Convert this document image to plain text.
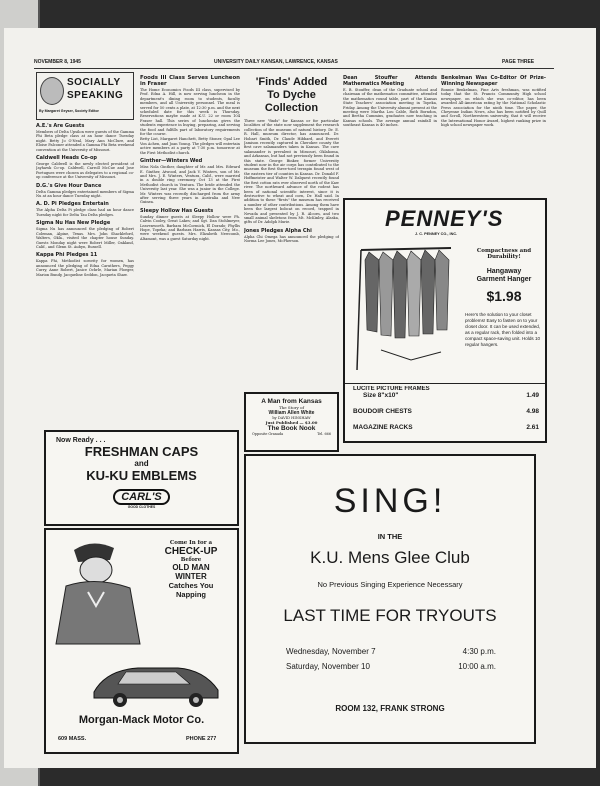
NOVEMBER 8, 1945	UNIVERSITY DAILY KANSAN, LAWRENCE, KANSAS	PAGE THREE
SOCIALLY
SPEAKING
By Margaret Geyser, Society Editor
A.E.'s Are Guests

Members of Delta Upsilon were guests of the Gamma Phi Beta pledge class at an hour dance Tuesday night. Betty Jo O'Neal, Mary Ann McClure, and Eloise Falconer attended a Gamma Phi Beta weekend convention at the University of Missouri.

Caldwell Heads Co-op

George Caldwell is the newly elected president of Jayhawk Co-op. Caldwell, Carroll McCue and Jose Portugues were chosen as delegates to a regional co-op conference at the University of Missouri.

D.G.'s Give Hour Dance

Delta Gamma pledges entertained members of Sigma Nu at an hour dance Tuesday night.

A. D. Pi Pledges Entertain

The Alpha Delta Pi pledge class had an hour dance Tuesday night for Delta Tau Delta pledges.

Sigma Nu Has New Pledge

Sigma Nu has announced the pledging of Robert Coleman, Alpine, Texas. Mrs. John Shackleford, Walters, Okla., visited the chapter house Sunday. Guests Monday night were Robert Miller, Oakland, Calif., and Glenn St. Aubyn, Russell.

Kappa Phi Pledges 11

Kappa Phi, Methodist sorority for women, has announced the pledging of Edna Caruthers, Peggy Curry, Anne Robert, Janice Ochrle, Marian Ploeger, Marion Bundy, Jacqueline Seddon, Jacqueta Shaw.

Foods III Class Serves Luncheon in Fraser

The Home Economics Foods III class, supervised by Prof. Edna A. Hill, is now serving luncheon in the department's dining room to students, faculty members, and all University personnel. The meal is served for 50 cents a plate, at 12:30 p.m. and the next scheduled date for this week is Thursday. Reservations maybe made at K.U. 22 or room 104 Fraser hall. This series of luncheons gives the students experience in buying, preparing, and serving the food and fulfills part of laboratory requirements for the course.

Betty List, Margaret Hanchett, Betty Stoner, Opal Lee Von Achen, and Joan Young. The pledges will entertain active members at a party at 7:30 p.m. tomorrow at the First Methodist church.

Ginther—Winters Wed

Miss Nola Ginther, daughter of Mr. and Mrs. Edward E. Ginther, Atwood, and Jack V. Winters, son of Mr. and Mrs. J. E. Winters, Ventura, Calif., were married in a double ring ceremony Oct 13 at the First Methodist church in Ventura. The bride attended the University last year. She was a junior in the College. Mr. Winters was recently discharged from the army after serving three years in Australia and New Guinea.

Sleepy Hollow Has Guests

Sunday dinner guests at Sleepy Hollow were Ph. Calvin Cooley, Great Lakes; and Sgt. Dan Stohlmeyer, Leavenworth. Barbara McCormick, El Dorado; Phyllis Hope, Topeka; and Barbara Harris, Kansas City, Mo., were weekend guests. Mrs. Elizabeth Newcomb, Altamont, was a guest Saturday night.

'Finds' Added
To Dyche Collection

Three new "finds" for Kansas or for particular localities of the state now supplement the research collection of the museum of natural history. Dr. E. R. Hall, museum director, has announced. Dr. Hobart Smith, Dr. Claude Hibbard, and Everett Jamison recently captured in Cherokee county the first cave salamanders taken in Kansas. The cave salamander is prevalent in Missouri, Oklahoma, and Arkansas, but had not previously been found in this state. George Binker, former University student now in the air corps has contributed to the museum the first three-toed terrapin found west of the eastern tier of counties in Kansas. Dr. Donald F. Hoffmeister and Walter W. Dalquest recently found the first cotton rats ever observed north of the Kaw river. The northward advance of the rodent has been of national scientific interest, since it is destructive to wheat and corn, Dr. Hall said. In addition to these "firsts" the museum has received a number of other contributions. Among them have been the largest bobcat on record, trapped in Nevada and presented by J. R. Alcorn, and two small animal skeletons from Mt. McKinley, Alaska, gifts of Dr. Adolph Murie.

Jones Pledges Alpha Chi

Alpha Chi Omega has announced the pledging of Norma Lee Jones, McPherson.

Dean Stouffer Attends Mathematics Meeting

E. B. Stouffer, dean of the Graduate school and chairman of the mathematics committee, attended the mathematics round table, part of the Kansas State Teachers' association meeting in Topeka, Friday. Among the University alumni present at the meeting were Martha Lou Cable, Ruth Borndon, and Bertha Cummins, graduates now teaching in Kansas schools. The average annual rainfall in southeast Kansas is 40 inches.

Benkelman Was Co-Editor Of Prize-Winning Newspaper

Bonnie Benkelman, Fine Arts freshman, was notified today that the St. Francis Community High school newspaper, on which she was co-editor, has been awarded All-American rating by the National Scholastic Press association for the ninth time. The paper, the Cheyenne Indian News, also has been notified by Quill and Scroll, Northwestern university, that it will receive the International Honor Award, highest ranking prize in high school newspaper work.

PENNEY'S
J. C. PENNEY CO., INC.
Compactness and
Durability!
Hangaway
Garment Hanger
$1.98
Here's the solution to your closet problems! Easy to fasten on to your closet door. It can be used extended, as a regular rack, then folded into a compact space-saving unit. Holds 10 regular hangers.
LUCITE PICTURE FRAMES
Size 8"x10"	1.49
BOUDOIR CHESTS	4.98
MAGAZINE RACKS	2.61
A Man from Kansas
The Story of
William Allen White
by DAVID HINSHAW
Just Published — $3.00
The Book Nook
Opposite Granada	Tel. 666
Now Ready . . .
FRESHMAN CAPS
and
KU-KU EMBLEMS
CARL'S
GOOD CLOTHES
Come In for a
CHECK-UP
Before
OLD MAN
WINTER
Catches You
Napping
Morgan-Mack Motor Co.
609 MASS.	PHONE 277
SING!
IN THE
K.U. Mens Glee Club
No Previous Singing Experience Necessary
LAST TIME FOR TRYOUTS
Wednesday, November 7	4:30 p.m.
Saturday, November 10	10:00 a.m.
ROOM 132, FRANK STRONG
